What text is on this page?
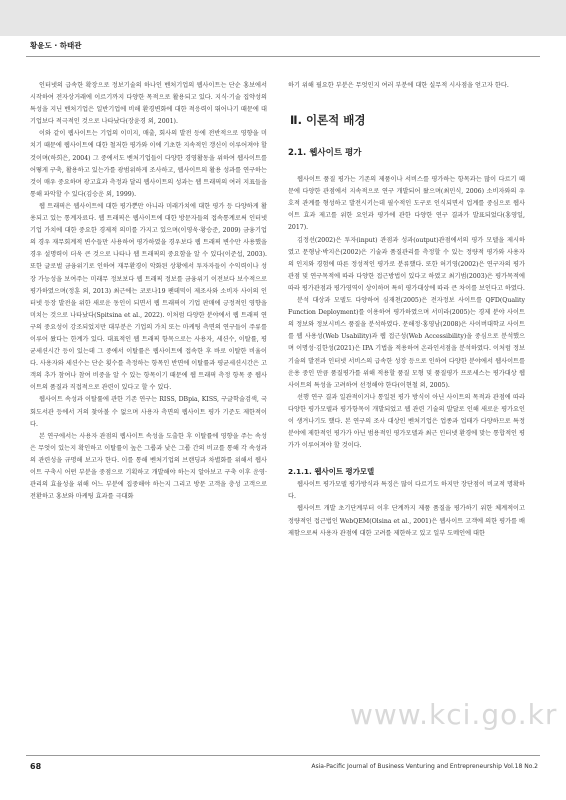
황윤도 · 하태관

인터넷의 급속한 확장으로 정보기술의 하나인 벤처기업의 웹사이트는 단순 홍보에서 시작하여 전자상거래에 이르기까지 다양한 목적으로 활용되고 있다. 지식·기술 집약성의 특성을 지닌 벤처기업은 일반기업에 비해 환경변화에 대한 적응력이 뛰어나기 때문에 대기업보다 적극적인 것으로 나타났다(장윤경 외, 2001).

이와 같이 웹사이트는 기업의 이미지, 매출, 회사의 발전 등에 전반적으로 영향을 미치기 때문에 웹사이트에 대한 철저한 평가와 이에 기초한 지속적인 갱신이 이루어져야 할 것이며(하희은, 2004) 그 중에서도 벤처기업들이 다양한 경영활동을 위하여 웹사이트를 어떻게 구축, 활용하고 있는가를 광범위하게 조사하고, 웹사이트의 활용 성과를 연구하는 것이 매우 중요하며 광고효과 측정과 달리 웹사이트의 성과는 웹 트래픽의 여러 지표들을 통해 파악할 수 있다(김승운 외, 1999).

웹 트래픽은 웹사이트에 대한 평가뿐만 아니라 미래가치에 대한 평가 등 다양하게 활용되고 있는 통계자료다. 웹 트래픽은 웹사이트에 대한 방문자들의 접속통계로써 인터넷 기업 가치에 대한 중요한 경제적 의미를 가지고 있으며(이영욱·황승준, 2009) 금융기업의 경우 재무회계적 변수들만 사용하여 평가하였을 경우보다 웹 트래픽 변수만 사용했을 경우 설명력이 더욱 큰 것으로 나타나 웹 트래픽의 중요함을 알 수 있다(이준섭, 2003). 또한 글로벌 금융위기로 인하여 재무환경이 악화된 상황에서 투자자들이 수익력이나 성장 가능성을 보여주는 미래무 정보보다 웹 트래픽 정보를 금융위기 이전보다 보수적으로 평가하였으며(정훈 외, 2013) 최근에는 코로나19 팬데믹이 제조사와 소비자 사이의 인터넷 등장 발전을 위한 새로운 동인이 되면서 웹 트래픽이 기업 판매에 긍정적인 영향을 미치는 것으로 나타났다(Spitsina et al., 2022). 이처럼 다양한 분야에서 웹 트래픽 연구의 중요성이 강조되었지만 대부분은 기업의 가치 또는 마케팅 측면의 연구들이 주류를 이루어 왔다는 한계가 있다. 대표적인 웹 트래픽 항목으로는 사용자, 세션수, 이탈률, 평균세션시간 등이 있는데 그 중에서 이탈률은 웹사이트에 접속한 후 바로 이탈한 비율이다. 사용자와 세션수는 단순 횟수를 측정하는 항목인 반면에 이탈률과 평균세션시간은 고객의 추가 참여나 참여 비중을 알 수 있는 항목이기 때문에 웹 트래픽 측정 항목 중 웹사이트의 품질과 직접적으로 관련이 있다고 할 수 있다.

웹사이트 속성과 이탈률에 관한 기존 연구는 RISS, DBpia, KISS, 구글학술검색, 국회도서관 등에서 거의 찾아볼 수 없으며 사용자 측면의 웹사이트 평가 기준도 제한적이다.

본 연구에서는 사용자 관점의 웹사이트 속성을 도출한 후 이탈률에 영향을 주는 속성은 무엇이 있는지 확인하고 이탈률이 높은 그룹과 낮은 그룹 간의 비교를 통해 각 속성과의 관련성을 규명해 보고자 한다. 이를 통해 벤처기업의 브랜딩과 차별화를 위해서 웹사이트 구축시 어떤 부분을 중점으로 기획하고 개발해야 하는지 알아보고 구축 이후 운영·관리의 효율성을 위해 어느 부분에 집중해야 하는지 그리고 방문 고객을 충성 고객으로 전환하고 홍보와 마케팅 효과를 극대화

하기 위해 필요한 부분은 무엇인지 여러 부분에 대한 실무적 시사점을 얻고자 한다.

Ⅱ. 이론적 배경
2.1. 웹사이트 평가

웹사이트 품질 평가는 기존의 제품이나 서비스를 평가하는 항목과는 많이 다르기 때문에 다양한 관점에서 지속적으로 연구 개발되어 왔으며(최민식, 2006) 소비자와의 우호적 관계를 형성하고 발전시키는데 필수적인 도구로 인식되면서 업계를 중심으로 웹사이트 효과 제고를 위한 요인과 평가에 관한 다양한 연구 결과가 발표되었다(홍영일, 2017).

김정선(2002)은 투자(input) 관점과 성과(output)관점에서의 평가 모델을 제시하였고 문형남·박지은(2002)은 기술과 품질관리를 측정할 수 있는 정량적 평가와 사용자의 인지와 경험에 따른 정성적인 평가로 분류했다. 또한 허기영(2002)은 연구자의 평가관점 및 연구목적에 따라 다양한 접근방법이 있다고 하였고 최기범(2003)은 평가목적에 따라 평가관점과 평가영역이 상이하며 특히 평가대상에 따라 큰 차이를 보인다고 하였다.

분석 대상과 모델도 다양하여 심재천(2005)은 전자정보 사이트를 QFD(Quality Function Deployment)를 이용하여 평가하였으며 서미라(2005)는 경제 분야 사이트의 정보와 정보시비스 품질을 분석하였다. 문해정·홍영남(2008)은 사이버대학교 사이트를 웹 사용성(Web Usability)과 웹 접근성(Web Accessibility)을 중심으로 분석했으며 이명성·김한성(2021)은 IPA 기법을 적용하여 온라인서점을 분석하였다. 이처럼 정보기술의 발전과 인터넷 서비스의 급속한 성장 등으로 인하여 다양한 분야에서 웹사이트를 운용 중인 만큼 품질평가를 위해 적용할 품질 모형 및 품질평가 프로세스는 평가대상 웹 사이트의 특성을 고려하여 선정해야 한다(이현철 외, 2005).

선행 연구 결과 일관적이거나 통일된 평가 방식이 아닌 사이트의 목적과 관점에 따라 다양한 평가모델과 평가항목이 개발되었고 웹 관련 기술의 발달로 인해 새로운 평가요인이 생겨나기도 했다. 본 연구의 조사 대상인 벤처기업은 업종과 업태가 다양하므로 특정 분야에 제한적인 평가가 아닌 범용적인 평가모델과 최근 인터넷 환경에 맞는 통합적인 평가가 이루어져야 할 것이다.

2.1.1. 웹사이트 평가모델

웹사이트 평가모델 평가방식과 특징은 많이 다르기도 하지만 장단점이 비교적 명확하다.

웹사이트 개발 초기단계부터 이후 단계까지 제품 품질을 평가하기 위한 체계적이고 정량적인 접근법인 WebQEM(Olsina et al., 2001)은 웹사이트 고객에 의한 평가를 배제함으로써 사용자 관점에 대한 고려를 제한하고 있고 일부 도메인에 대한

www.kci.go.kr
68	Asia-Pacific Journal of Business Venturing and Entrepreneurship Vol.18 No.2
